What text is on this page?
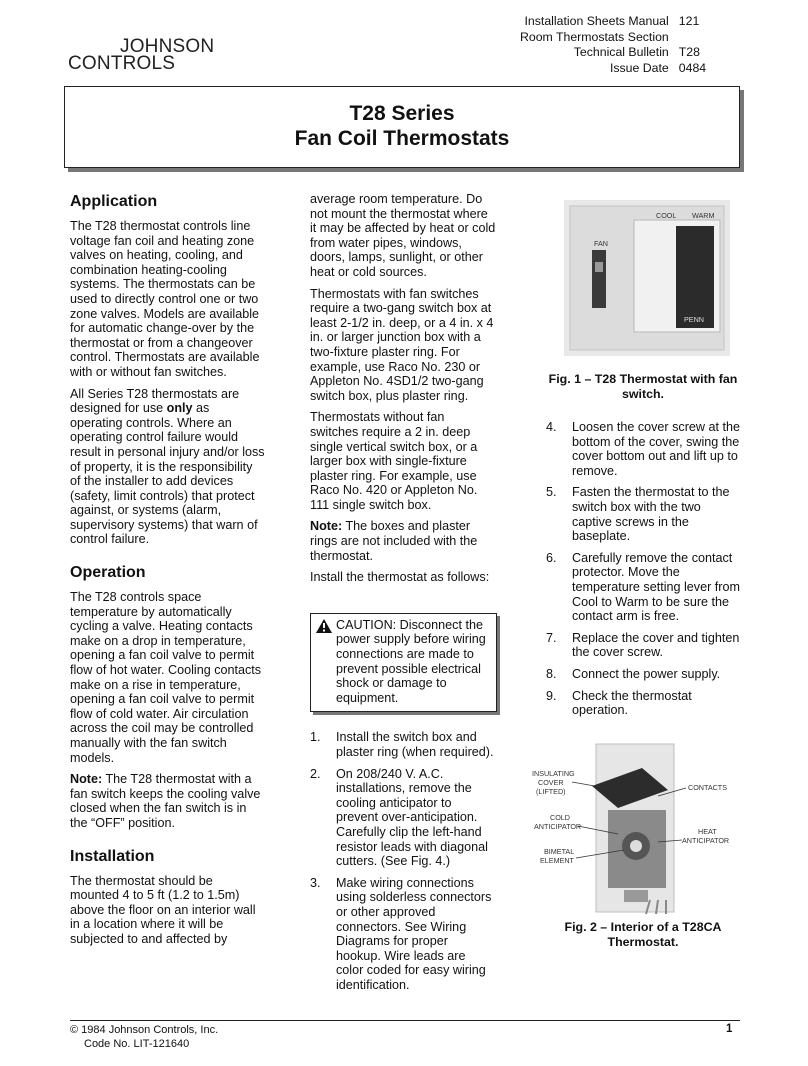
JOHNSON
CONTROLS
Installation Sheets Manual 121
Room Thermostats Section
Technical Bulletin T28
Issue Date 0484
T28 Series
Fan Coil Thermostats
Application

The T28 thermostat controls line voltage fan coil and heating zone valves on heating, cooling, and combination heating-cooling systems. The thermostats can be used to directly control one or two zone valves. Models are available for automatic change-over by the thermostat or from a changeover control. Thermostats are available with or without fan switches.

All Series T28 thermostats are designed for use only as operating controls. Where an operating control failure would result in personal injury and/or loss of property, it is the responsibility of the installer to add devices (safety, limit controls) that protect against, or systems (alarm, supervisory systems) that warn of control failure.

Operation

The T28 controls space temperature by automatically cycling a valve. Heating contacts make on a drop in temperature, opening a fan coil valve to permit flow of hot water. Cooling contacts make on a rise in temperature, opening a fan coil valve to permit flow of cold water. Air circulation across the coil may be controlled manually with the fan switch models.

Note: The T28 thermostat with a fan switch keeps the cooling valve closed when the fan switch is in the “OFF” position.

Installation

The thermostat should be mounted 4 to 5 ft (1.2 to 1.5m) above the floor on an interior wall in a location where it will be subjected to and affected by

average room temperature. Do not mount the thermostat where it may be affected by heat or cold from water pipes, windows, doors, lamps, sunlight, or other heat or cold sources.

Thermostats with fan switches require a two-gang switch box at least 2-1/2 in. deep, or a 4 in. x 4 in. or larger junction box with a two-fixture plaster ring. For example, use Raco No. 230 or Appleton No. 4SD1/2 two-gang switch box, plus plaster ring.

Thermostats without fan switches require a 2 in. deep single vertical switch box, or a larger box with single-fixture plaster ring. For example, use Raco No. 420 or Appleton No. 111 single switch box.

Note: The boxes and plaster rings are not included with the thermostat.

Install the thermostat as follows:

CAUTION: Disconnect the power supply before wiring connections are made to prevent possible electrical shock or damage to equipment.

1.	Install the switch box and plaster ring (when required).
2.	On 208/240 V. A.C. installations, remove the cooling anticipator to prevent over-anticipation. Carefully clip the left-hand resistor leads with diagonal cutters. (See Fig. 4.)
3.	Make wiring connections using solderless connectors or other approved connectors. See Wiring Diagrams for proper hookup. Wire leads are color coded for easy wiring identification.
COOL WARM
FAN
PENN

Fig. 1 – T28 Thermostat with fan switch.

4.	Loosen the cover screw at the bottom of the cover, swing the cover bottom out and lift up to remove.
5.	Fasten the thermostat to the switch box with the two captive screws in the baseplate.
6.	Carefully remove the contact protector. Move the temperature setting lever from Cool to Warm to be sure the contact arm is free.
7.	Replace the cover and tighten the cover screw.
8.	Connect the power supply.
9.	Check the thermostat operation.
INSULATING
COVER
(LIFTED)	CONTACTS
COLD
ANTICIPATOR
HEAT
ANTICIPATOR
BIMETAL
ELEMENT

Fig. 2 – Interior of a T28CA Thermostat.

© 1984 Johnson Controls, Inc.
Code No. LIT-121640
1
